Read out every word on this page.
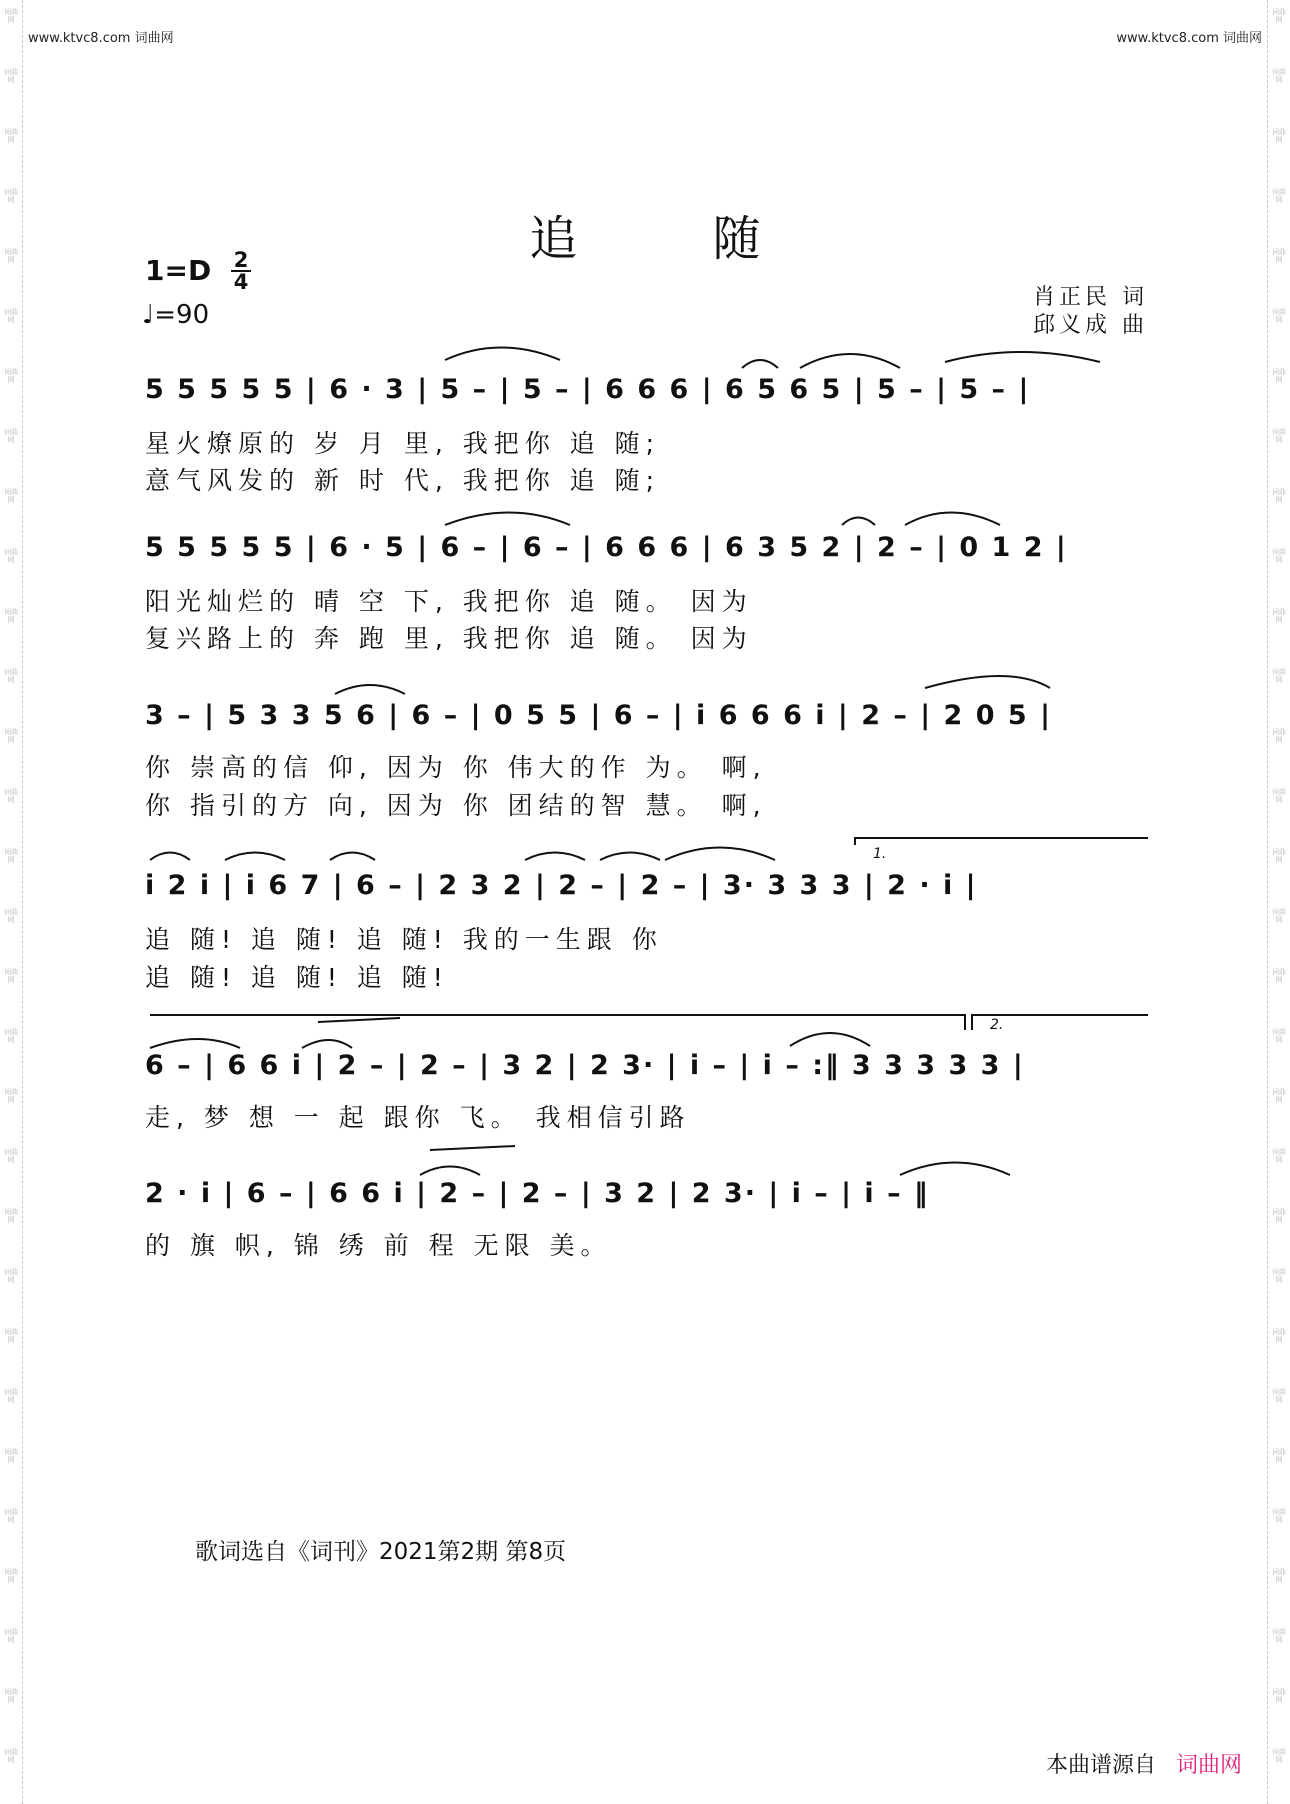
词曲网
词曲网
词曲网
词曲网
词曲网
词曲网
词曲网
词曲网
词曲网
词曲网
词曲网
词曲网
词曲网
词曲网
词曲网
词曲网
词曲网
词曲网
词曲网
词曲网
词曲网
词曲网
词曲网
词曲网
词曲网
词曲网
词曲网
词曲网
词曲网
词曲网
词曲网
词曲网
词曲网
词曲网
词曲网
词曲网
词曲网
词曲网
词曲网
词曲网
词曲网
词曲网
词曲网
词曲网
词曲网
词曲网
词曲网
词曲网
词曲网
词曲网
词曲网
词曲网
词曲网
词曲网
词曲网
词曲网
词曲网
词曲网
词曲网
词曲网
www.ktvc8.com 词曲网	www.ktvc8.com 词曲网
追 随
1=D 2
4
♩=90
肖正民 词
邱义成 曲
1.
2.
5 5 5 5 5 | 6 · 3 | 5 – | 5 – | 6 6 6 | 6 5 6 5 | 5 – | 5 – |
星火燎原的 岁 月 里, 我把你 追 随;
意气风发的 新 时 代, 我把你 追 随;
5 5 5 5 5 | 6 · 5 | 6 – | 6 – | 6 6 6 | 6 3 5 2 | 2 – | 0 1 2 |
阳光灿烂的 晴 空 下, 我把你 追 随。 因为
复兴路上的 奔 跑 里, 我把你 追 随。 因为
3 – | 5 3 3 5 6 | 6 – | 0 5 5 | 6 – | i 6 6 6 i | 2 – | 2 0 5 |
你 崇高的信 仰, 因为 你 伟大的作 为。 啊,
你 指引的方 向, 因为 你 团结的智 慧。 啊,
i 2 i | i 6 7 | 6 – | 2 3 2 | 2 – | 2 – | 3· 3 3 3 | 2 · i |
追 随! 追 随! 追 随! 我的一生跟 你
追 随! 追 随! 追 随!
6 – | 6 6 i | 2 – | 2 – | 3 2 | 2 3· | i – | i – :‖ 3 3 3 3 3 |
走, 梦 想 一 起 跟你 飞。 我相信引路
2 · i | 6 – | 6 6 i | 2 – | 2 – | 3 2 | 2 3· | i – | i – ‖
的 旗 帜, 锦 绣 前 程 无限 美。
歌词选自《词刊》2021第2期 第8页
本曲谱源自 词曲网
